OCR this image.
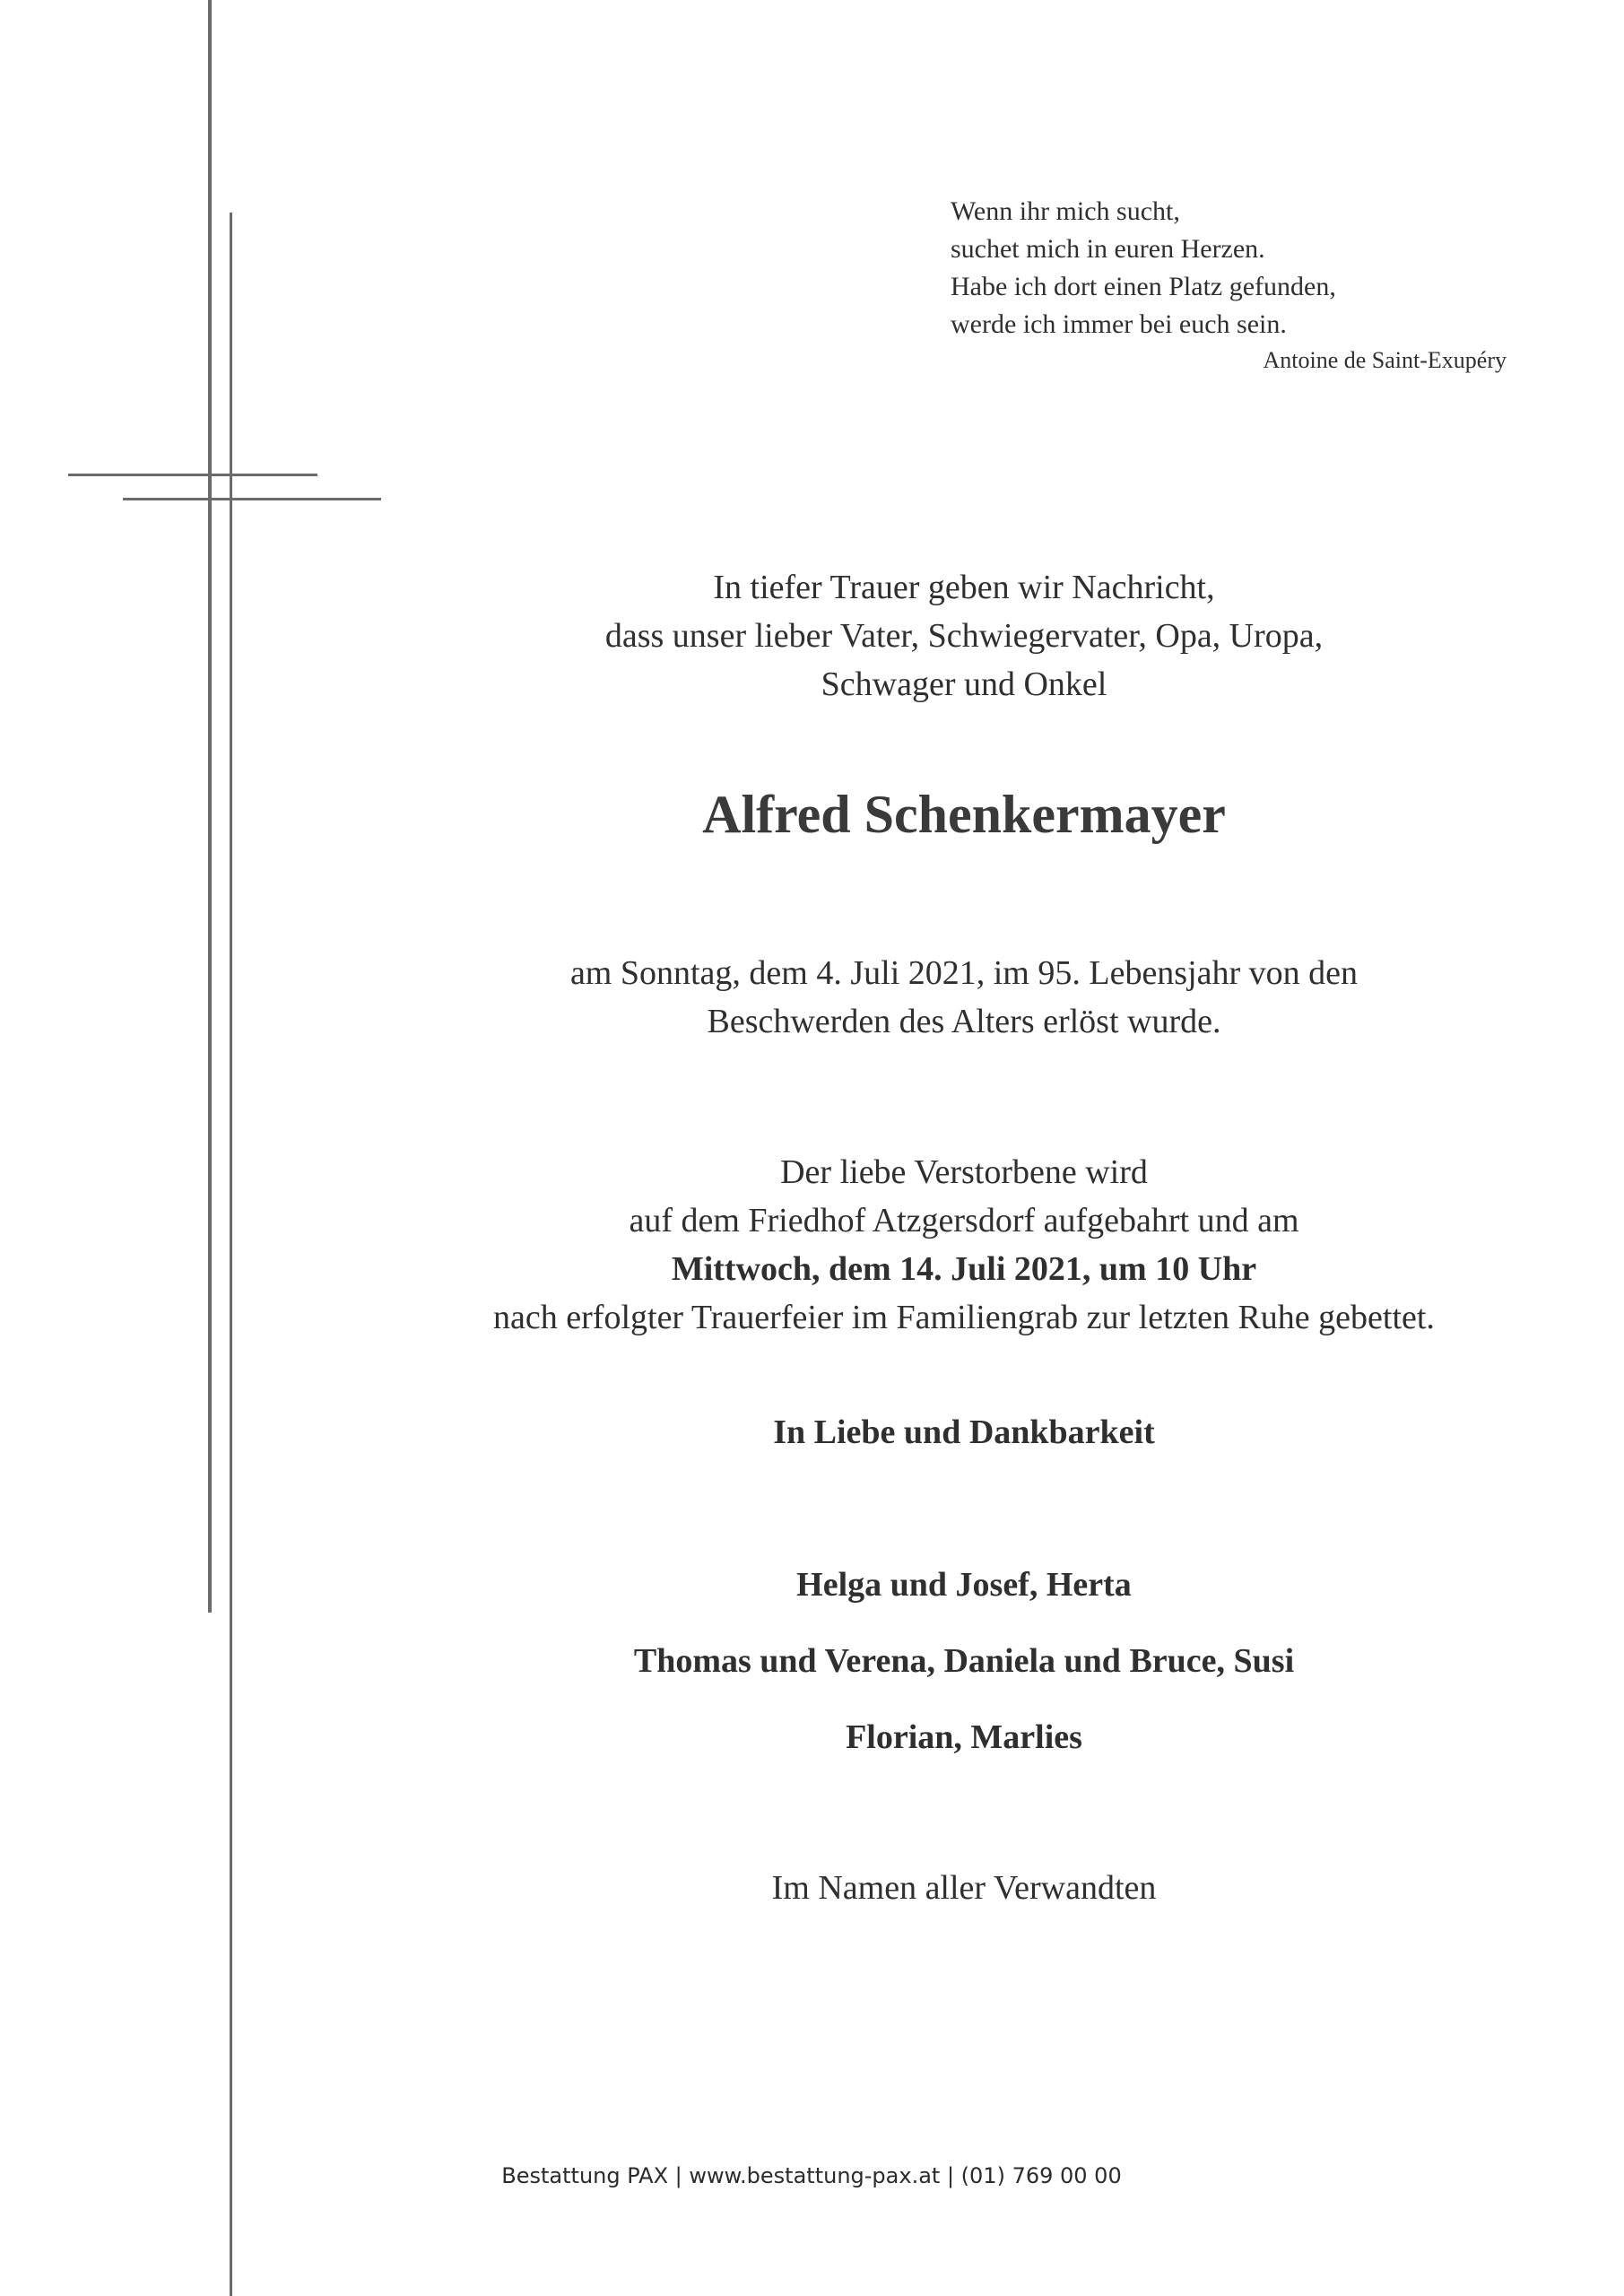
Wenn ihr mich sucht,
suchet mich in euren Herzen.
Habe ich dort einen Platz gefunden,
werde ich immer bei euch sein.
Antoine de Saint-Exupéry
In tiefer Trauer geben wir Nachricht,
dass unser lieber Vater, Schwiegervater, Opa, Uropa,
Schwager und Onkel
Alfred Schenkermayer
am Sonntag, dem 4. Juli 2021, im 95. Lebensjahr von den
Beschwerden des Alters erlöst wurde.
Der liebe Verstorbene wird
auf dem Friedhof Atzgersdorf aufgebahrt und am
Mittwoch, dem 14. Juli 2021, um 10 Uhr
nach erfolgter Trauerfeier im Familiengrab zur letzten Ruhe gebettet.
In Liebe und Dankbarkeit
Helga und Josef, Herta
Thomas und Verena, Daniela und Bruce, Susi
Florian, Marlies
Im Namen aller Verwandten
Bestattung PAX | www.bestattung-pax.at | (01) 769 00 00
